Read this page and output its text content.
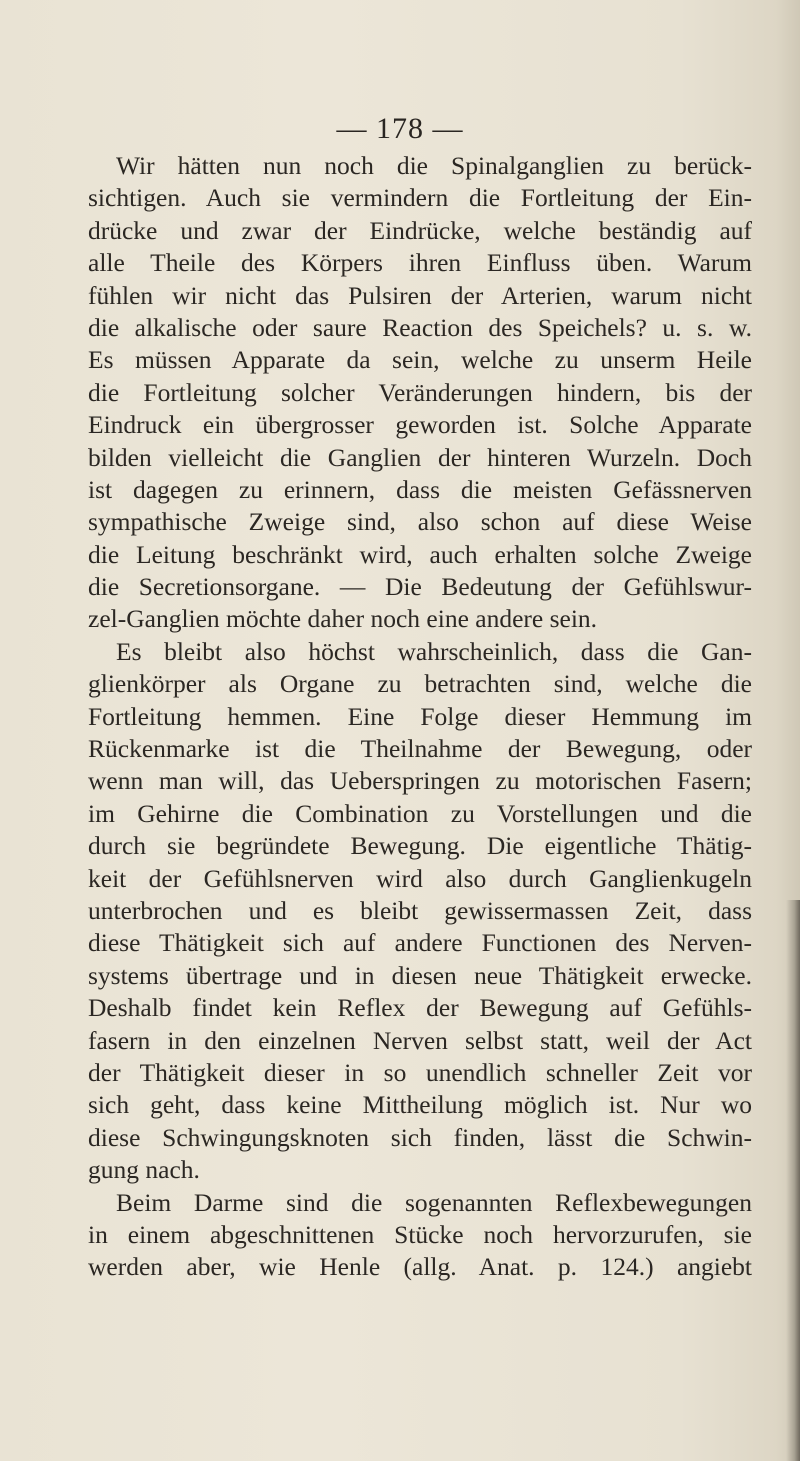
— 178 —
Wir hätten nun noch die Spinalganglien zu berück-
sichtigen. Auch sie vermindern die Fortleitung der Ein-
drücke und zwar der Eindrücke, welche beständig auf
alle Theile des Körpers ihren Einfluss üben. Warum
fühlen wir nicht das Pulsiren der Arterien, warum nicht
die alkalische oder saure Reaction des Speichels? u. s. w.
Es müssen Apparate da sein, welche zu unserm Heile
die Fortleitung solcher Veränderungen hindern, bis der
Eindruck ein übergrosser geworden ist. Solche Apparate
bilden vielleicht die Ganglien der hinteren Wurzeln. Doch
ist dagegen zu erinnern, dass die meisten Gefässnerven
sympathische Zweige sind, also schon auf diese Weise
die Leitung beschränkt wird, auch erhalten solche Zweige
die Secretionsorgane. — Die Bedeutung der Gefühlswur-
zel-Ganglien möchte daher noch eine andere sein.
Es bleibt also höchst wahrscheinlich, dass die Gan-
glienkörper als Organe zu betrachten sind, welche die
Fortleitung hemmen. Eine Folge dieser Hemmung im
Rückenmarke ist die Theilnahme der Bewegung, oder
wenn man will, das Ueberspringen zu motorischen Fasern;
im Gehirne die Combination zu Vorstellungen und die
durch sie begründete Bewegung. Die eigentliche Thätig-
keit der Gefühlsnerven wird also durch Ganglienkugeln
unterbrochen und es bleibt gewissermassen Zeit, dass
diese Thätigkeit sich auf andere Functionen des Nerven-
systems übertrage und in diesen neue Thätigkeit erwecke.
Deshalb findet kein Reflex der Bewegung auf Gefühls-
fasern in den einzelnen Nerven selbst statt, weil der Act
der Thätigkeit dieser in so unendlich schneller Zeit vor
sich geht, dass keine Mittheilung möglich ist. Nur wo
diese Schwingungsknoten sich finden, lässt die Schwin-
gung nach.
Beim Darme sind die sogenannten Reflexbewegungen
in einem abgeschnittenen Stücke noch hervorzurufen, sie
werden aber, wie Henle (allg. Anat. p. 124.) angiebt
